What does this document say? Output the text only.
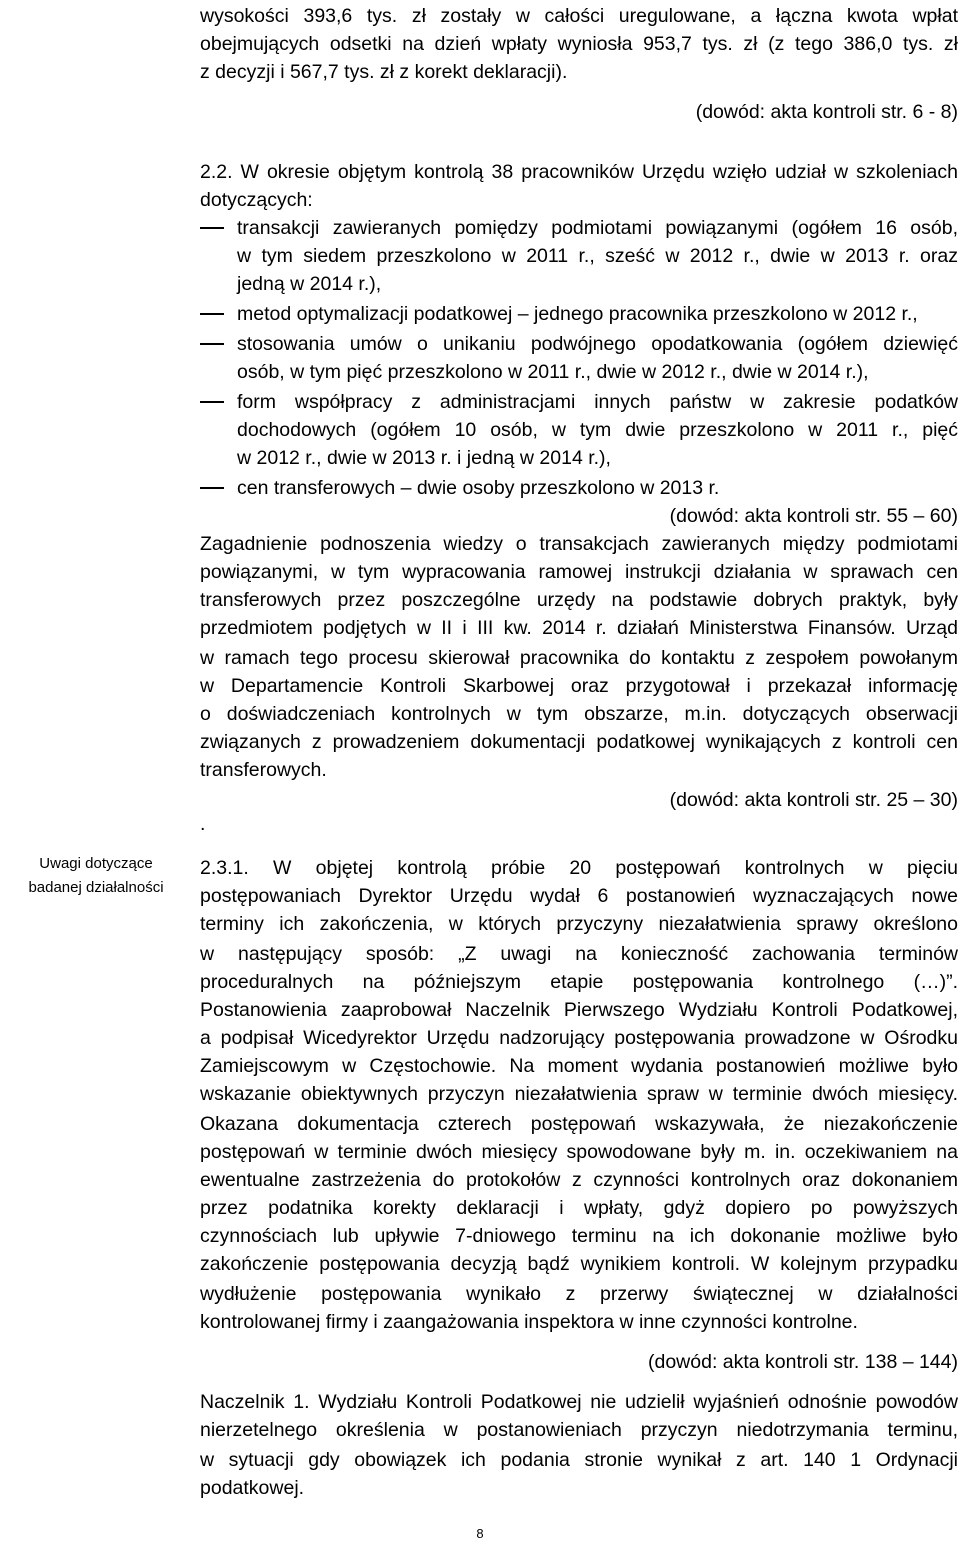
Uwagi dotyczące
badanej działalności
wysokości 393,6 tys. zł zostały w całości uregulowane, a łączna kwota wpłat
obejmujących odsetki na dzień wpłaty wyniosła 953,7 tys. zł (z tego 386,0 tys. zł
z decyzji i 567,7 tys. zł z korekt deklaracji).
(dowód: akta kontroli str. 6 - 8)
2.2. W okresie objętym kontrolą 38 pracowników Urzędu wzięło udział w szkoleniach
dotyczących:
transakcji zawieranych pomiędzy podmiotami powiązanymi (ogółem 16 osób,
w tym siedem przeszkolono w 2011 r., sześć w 2012 r., dwie w 2013 r. oraz
jedną w 2014 r.),
metod optymalizacji podatkowej – jednego pracownika przeszkolono w 2012 r.,
stosowania umów o unikaniu podwójnego opodatkowania (ogółem dziewięć
osób, w tym pięć przeszkolono w 2011 r., dwie w 2012 r., dwie w 2014 r.),
form współpracy z administracjami innych państw w zakresie podatków
dochodowych (ogółem 10 osób, w tym dwie przeszkolono w 2011 r., pięć
w 2012 r., dwie w 2013 r. i jedną w 2014 r.),
cen transferowych – dwie osoby przeszkolono w 2013 r.
(dowód: akta kontroli str. 55 – 60)
Zagadnienie podnoszenia wiedzy o transakcjach zawieranych między podmiotami
powiązanymi, w tym wypracowania ramowej instrukcji działania w sprawach cen
transferowych przez poszczególne urzędy na podstawie dobrych praktyk, były
przedmiotem podjętych w II i III kw. 2014 r. działań Ministerstwa Finansów. Urząd
w ramach tego procesu skierował pracownika do kontaktu z zespołem powołanym
w Departamencie Kontroli Skarbowej oraz przygotował i przekazał informację
o doświadczeniach kontrolnych w tym obszarze, m.in. dotyczących obserwacji
związanych z prowadzeniem dokumentacji podatkowej wynikających z kontroli cen
transferowych.
(dowód: akta kontroli str. 25 – 30)
.
2.3.1. W objętej kontrolą próbie 20 postępowań kontrolnych w pięciu
postępowaniach Dyrektor Urzędu wydał 6 postanowień wyznaczających nowe
terminy ich zakończenia, w których przyczyny niezałatwienia sprawy określono
w następujący sposób: „Z uwagi na konieczność zachowania terminów
proceduralnych na późniejszym etapie postępowania kontrolnego (…)”.
Postanowienia zaaprobował Naczelnik Pierwszego Wydziału Kontroli Podatkowej,
a podpisał Wicedyrektor Urzędu nadzorujący postępowania prowadzone w Ośrodku
Zamiejscowym w Częstochowie. Na moment wydania postanowień możliwe było
wskazanie obiektywnych przyczyn niezałatwienia spraw w terminie dwóch miesięcy.
Okazana dokumentacja czterech postępowań wskazywała, że niezakończenie
postępowań w terminie dwóch miesięcy spowodowane były m. in. oczekiwaniem na
ewentualne zastrzeżenia do protokołów z czynności kontrolnych oraz dokonaniem
przez podatnika korekty deklaracji i wpłaty, gdyż dopiero po powyższych
czynnościach lub upływie 7-dniowego terminu na ich dokonanie możliwe było
zakończenie postępowania decyzją bądź wynikiem kontroli. W kolejnym przypadku
wydłużenie postępowania wynikało z przerwy świątecznej w działalności
kontrolowanej firmy i zaangażowania inspektora w inne czynności kontrolne.
(dowód: akta kontroli str. 138 – 144)
Naczelnik 1. Wydziału Kontroli Podatkowej nie udzielił wyjaśnień odnośnie powodów
nierzetelnego określenia w postanowieniach przyczyn niedotrzymania terminu,
w sytuacji gdy obowiązek ich podania stronie wynikał z art. 140 1 Ordynacji
podatkowej.
8
